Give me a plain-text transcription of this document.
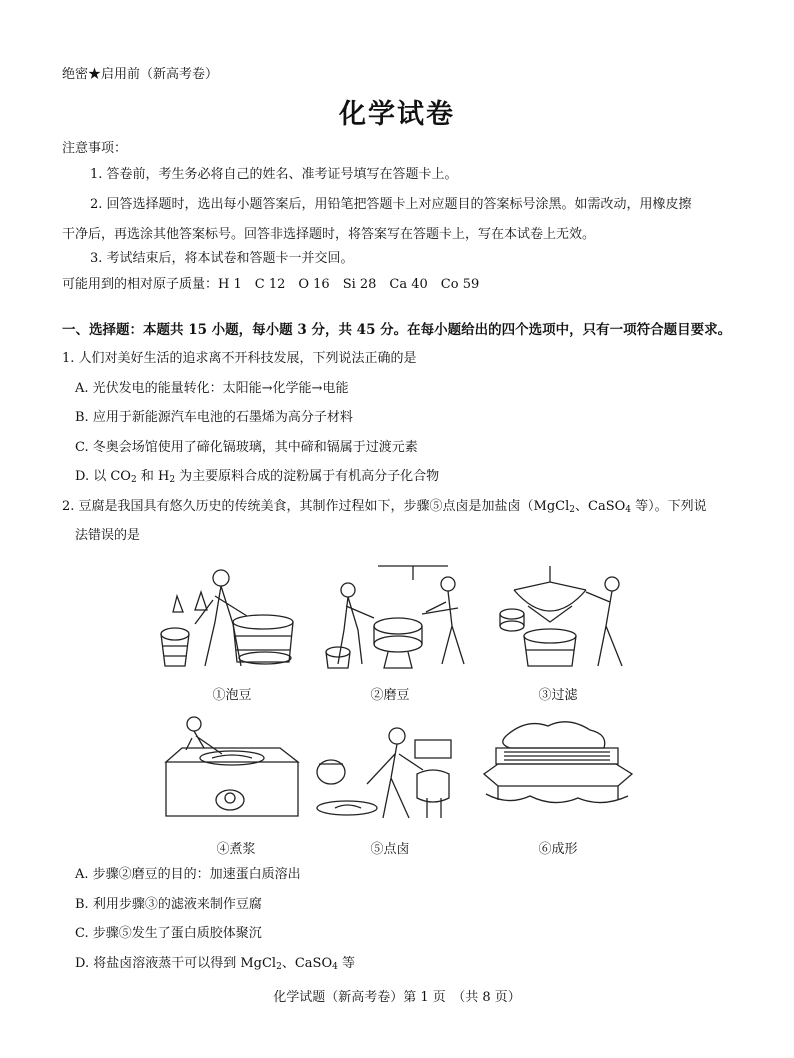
绝密★启用前（新高考卷）
化学试卷
注意事项：
1. 答卷前，考生务必将自己的姓名、准考证号填写在答题卡上。
2. 回答选择题时，选出每小题答案后，用铅笔把答题卡上对应题目的答案标号涂黑。如需改动，用橡皮擦
干净后，再选涂其他答案标号。回答非选择题时，将答案写在答题卡上，写在本试卷上无效。
3. 考试结束后，将本试卷和答题卡一并交回。
可能用到的相对原子质量：H 1　C 12　O 16　Si 28　Ca 40　Co 59
一、选择题：本题共 15 小题，每小题 3 分，共 45 分。在每小题给出的四个选项中，只有一项符合题目要求。
1. 人们对美好生活的追求离不开科技发展，下列说法正确的是
A. 光伏发电的能量转化：太阳能→化学能→电能
B. 应用于新能源汽车电池的石墨烯为高分子材料
C. 冬奥会场馆使用了碲化镉玻璃，其中碲和镉属于过渡元素
D. 以 $CO_2$ 和 $H_2$ 为主要原料合成的淀粉属于有机高分子化合物
2. 豆腐是我国具有悠久历史的传统美食，其制作过程如下，步骤⑤点卤是加盐卤（MgCl$_2$、CaSO$_4$ 等）。下列说
法错误的是
①泡豆	②磨豆	③过滤
④煮浆	⑤点卤	⑥成形
A. 步骤②磨豆的目的：加速蛋白质溶出
B. 利用步骤③的滤液来制作豆腐
C. 步骤⑤发生了蛋白质胶体聚沉
D. 将盐卤溶液蒸干可以得到 MgCl$_2$、CaSO$_4$ 等
化学试题（新高考卷）第 1 页　（共 8 页）
